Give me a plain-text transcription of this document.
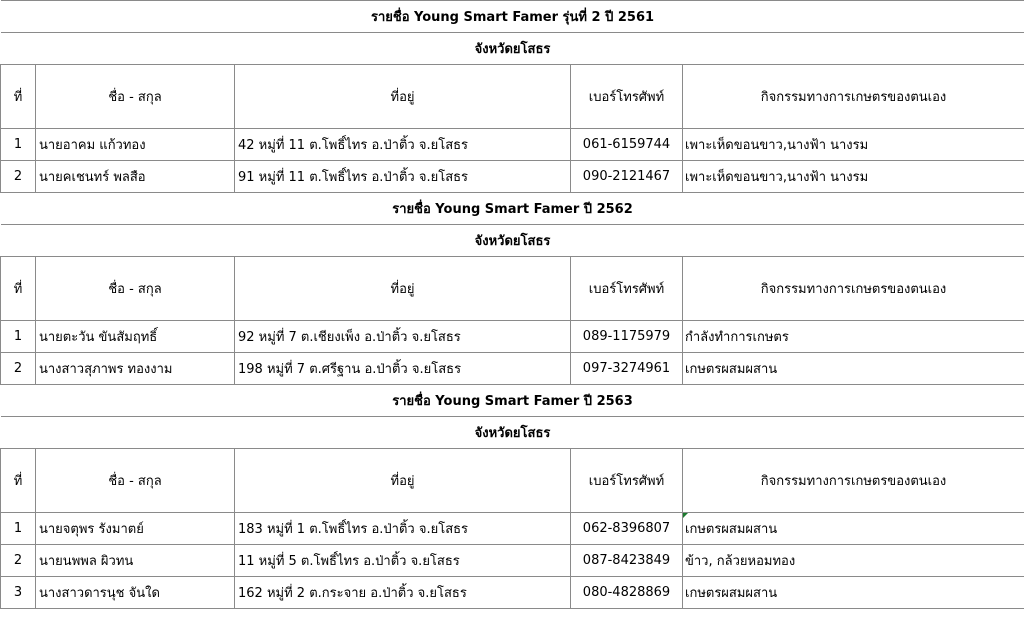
รายชื่อ Young Smart Famer รุ่นที่ 2 ปี 2561				
จังหวัดยโสธร				
ที่	ชื่อ - สกุล	ที่อยู่	เบอร์โทรศัพท์	กิจกรรมทางการเกษตรของตนเอง
1	นายอาคม แก้วทอง	42 หมู่ที่ 11 ต.โพธิ์ไทร อ.ป่าติ้ว จ.ยโสธร	061-6159744	เพาะเห็ดขอนขาว,นางฟ้า นางรม
2	นายคเชนทร์ พลสือ	91 หมู่ที่ 11 ต.โพธิ์ไทร อ.ป่าติ้ว จ.ยโสธร	090-2121467	เพาะเห็ดขอนขาว,นางฟ้า นางรม
รายชื่อ Young Smart Famer ปี 2562				
จังหวัดยโสธร				
ที่	ชื่อ - สกุล	ที่อยู่	เบอร์โทรศัพท์	กิจกรรมทางการเกษตรของตนเอง
1	นายตะวัน ขันสัมฤทธิ์	92 หมู่ที่ 7 ต.เชียงเพ็ง อ.ป่าติ้ว จ.ยโสธร	089-1175979	กำลังทำการเกษตร
2	นางสาวสุภาพร ทองงาม	198 หมู่ที่ 7 ต.ศรีฐาน อ.ป่าติ้ว จ.ยโสธร	097-3274961	เกษตรผสมผสาน
รายชื่อ Young Smart Famer ปี 2563				
จังหวัดยโสธร				
ที่	ชื่อ - สกุล	ที่อยู่	เบอร์โทรศัพท์	กิจกรรมทางการเกษตรของตนเอง
1	นายจตุพร รังมาตย์	183 หมู่ที่ 1 ต.โพธิ์ไทร อ.ป่าติ้ว จ.ยโสธร	062-8396807	เกษตรผสมผสาน
2	นายนพพล ผิวทน	11 หมู่ที่ 5 ต.โพธิ์ไทร อ.ป่าติ้ว จ.ยโสธร	087-8423849	ข้าว, กล้วยหอมทอง
3	นางสาวดารนุช จันใด	162 หมู่ที่ 2 ต.กระจาย อ.ป่าติ้ว จ.ยโสธร	080-4828869	เกษตรผสมผสาน
